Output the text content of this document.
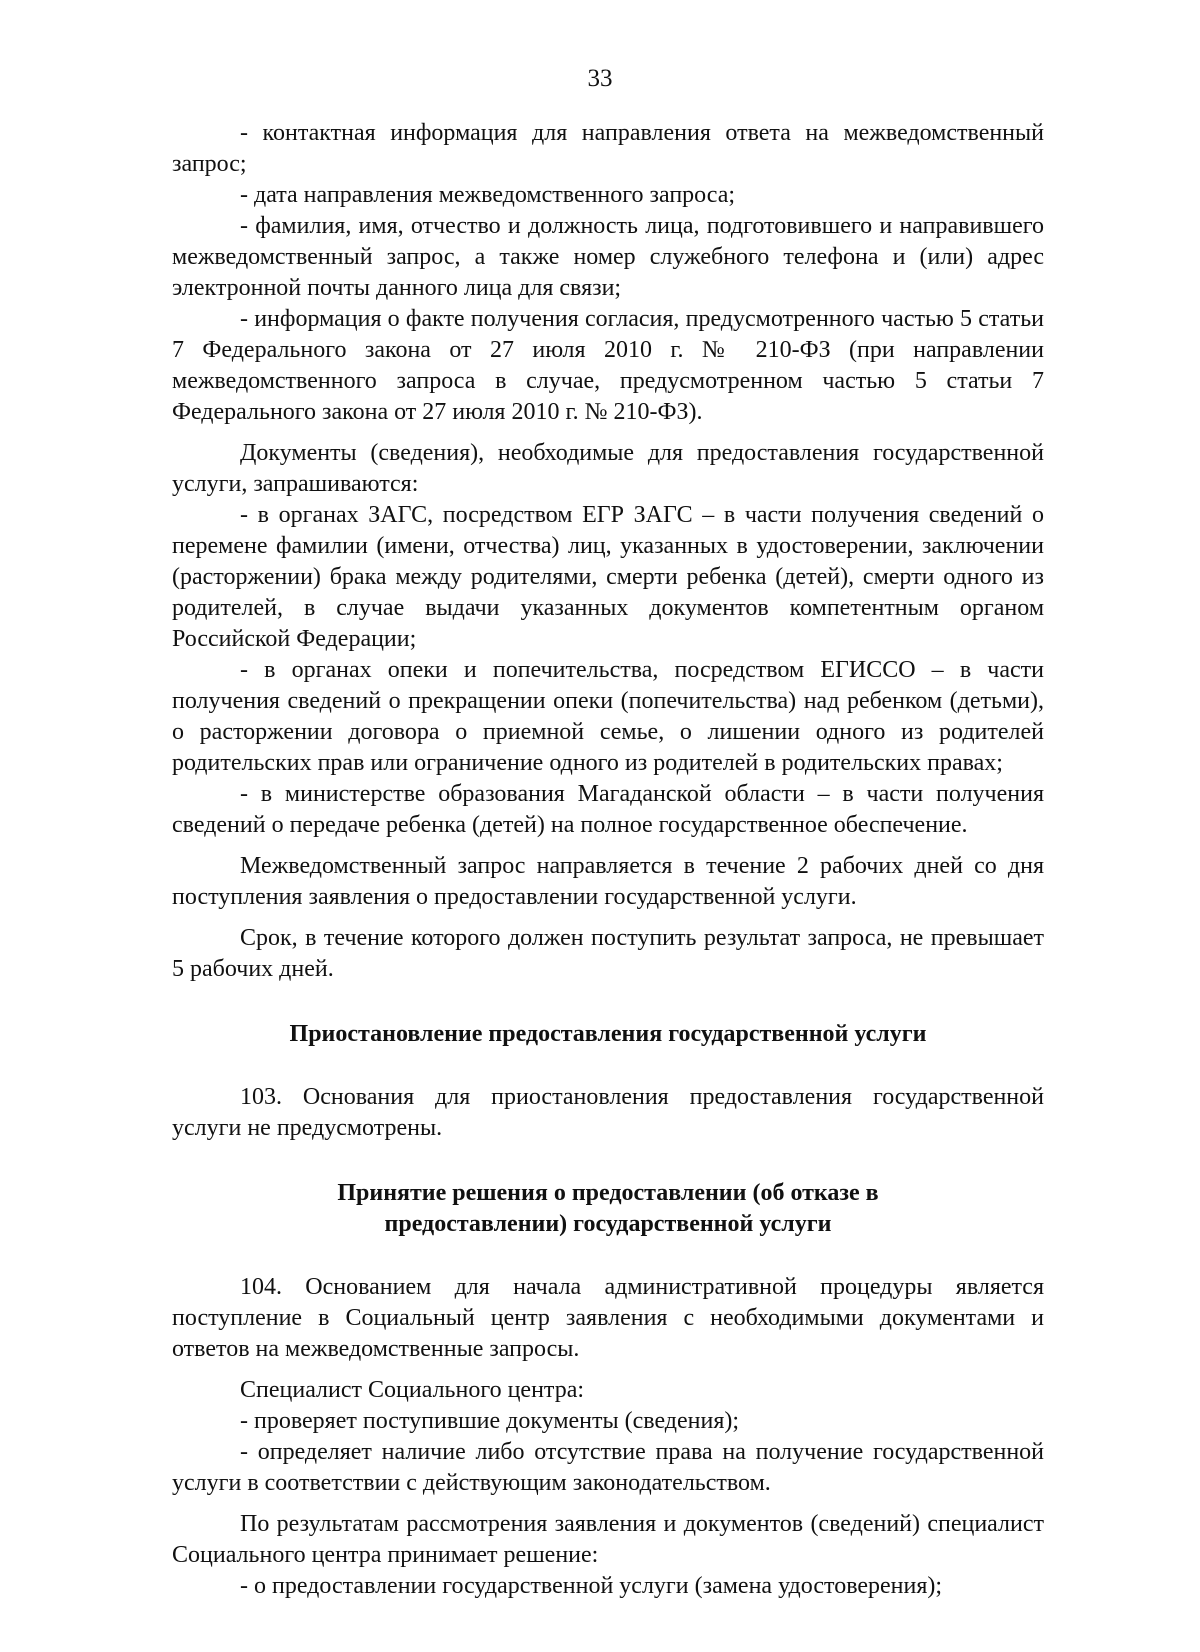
33

- контактная информация для направления ответа на межведомственный запрос;

- дата направления межведомственного запроса;

- фамилия, имя, отчество и должность лица, подготовившего и направившего межведомственный запрос, а также номер служебного телефона и (или) адрес электронной почты данного лица для связи;

- информация о факте получения согласия, предусмотренного частью 5 статьи 7 Федерального закона от 27 июля 2010 г. № 210-ФЗ (при направлении межведомственного запроса в случае, предусмотренном частью 5 статьи 7 Федерального закона от 27 июля 2010 г. № 210-ФЗ).

Документы (сведения), необходимые для предоставления государственной услуги, запрашиваются:

- в органах ЗАГС, посредством ЕГР ЗАГС – в части получения сведений о перемене фамилии (имени, отчества) лиц, указанных в удостоверении, заключении (расторжении) брака между родителями, смерти ребенка (детей), смерти одного из родителей, в случае выдачи указанных документов компетентным органом Российской Федерации;

- в органах опеки и попечительства, посредством ЕГИССО – в части получения сведений о прекращении опеки (попечительства) над ребенком (детьми), о расторжении договора о приемной семье, о лишении одного из родителей родительских прав или ограничение одного из родителей в родительских правах;

- в министерстве образования Магаданской области – в части получения сведений о передаче ребенка (детей) на полное государственное обеспечение.

Межведомственный запрос направляется в течение 2 рабочих дней со дня поступления заявления о предоставлении государственной услуги.

Срок, в течение которого должен поступить результат запроса, не превышает 5 рабочих дней.

Приостановление предоставления государственной услуги

103. Основания для приостановления предоставления государственной услуги не предусмотрены.

Принятие решения о предоставлении (об отказе в предоставлении) государственной услуги

104. Основанием для начала административной процедуры является поступление в Социальный центр заявления с необходимыми документами и ответов на межведомственные запросы.

Специалист Социального центра:

- проверяет поступившие документы (сведения);

- определяет наличие либо отсутствие права на получение государственной услуги в соответствии с действующим законодательством.

По результатам рассмотрения заявления и документов (сведений) специалист Социального центра принимает решение:

- о предоставлении государственной услуги (замена удостоверения);
